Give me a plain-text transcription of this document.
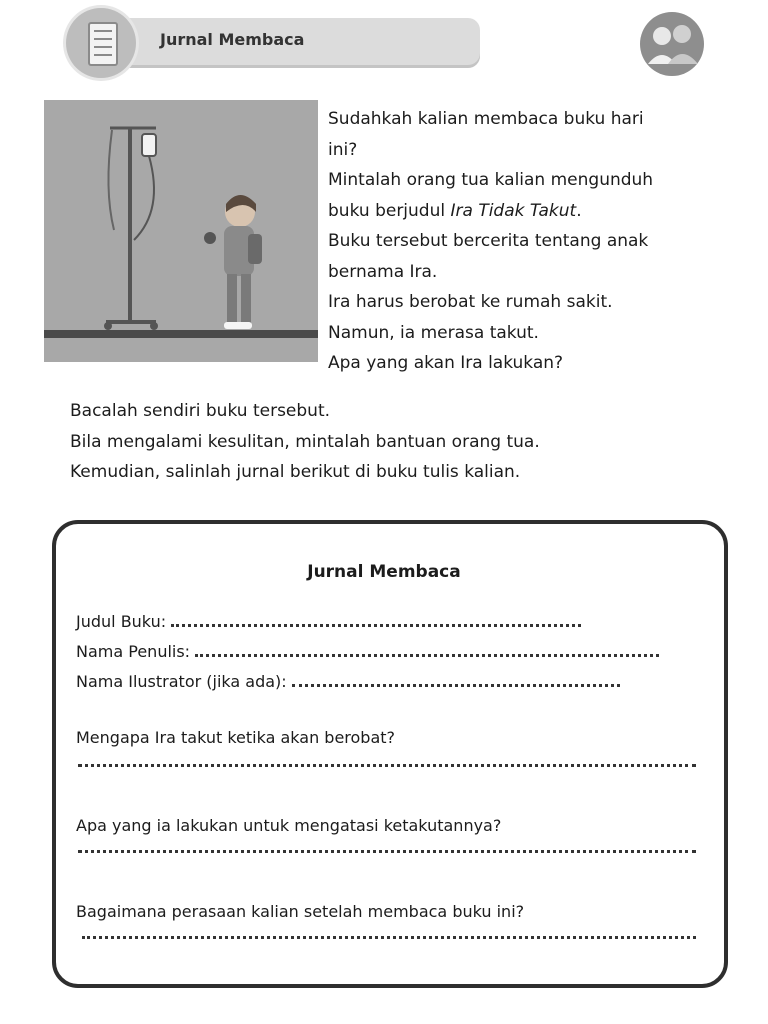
Jurnal Membaca
Sudahkah kalian membaca buku hari
ini?
Mintalah orang tua kalian mengunduh
buku berjudul Ira Tidak Takut.
Buku tersebut bercerita tentang anak
bernama Ira.
Ira harus berobat ke rumah sakit.
Namun, ia merasa takut.
Apa yang akan Ira lakukan?
Bacalah sendiri buku tersebut.
Bila mengalami kesulitan, mintalah bantuan orang tua.
Kemudian, salinlah jurnal berikut di buku tulis kalian.
Jurnal Membaca
Judul Buku:
Nama Penulis:
Nama Ilustrator (jika ada):
Mengapa Ira takut ketika akan berobat?
Apa yang ia lakukan untuk mengatasi ketakutannya?
Bagaimana perasaan kalian setelah membaca buku ini?
